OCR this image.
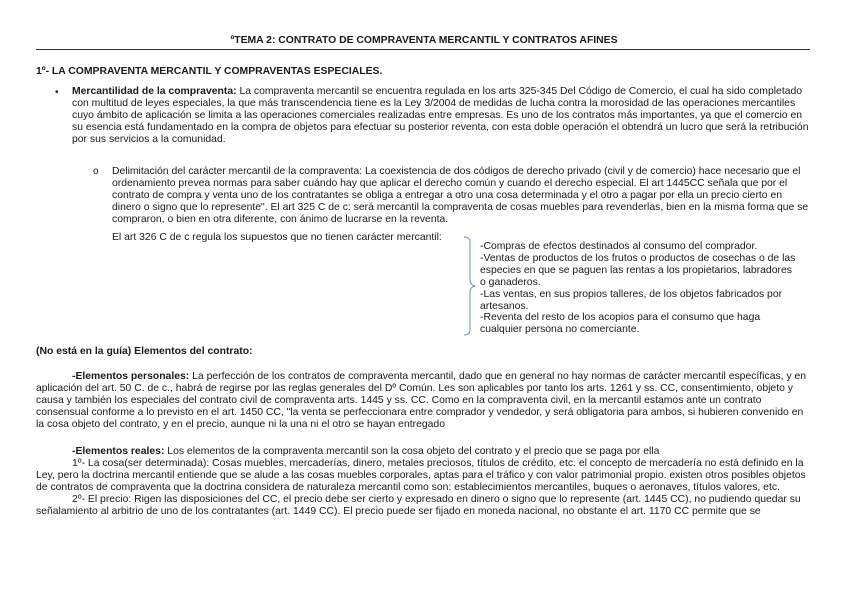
ºTEMA 2: CONTRATO DE COMPRAVENTA MERCANTIL Y CONTRATOS AFINES
1º- LA COMPRAVENTA MERCANTIL Y COMPRAVENTAS ESPECIALES.
• Mercantilidad de la compraventa: La compraventa mercantil se encuentra regulada en los arts 325-345 Del Código de Comercio, el cual ha sido completado con multitud de leyes especiales, la que más transcendencia tiene es la Ley 3/2004 de medidas de lucha contra la morosidad de las operaciones mercantiles cuyo ámbito de aplicación se limita a las operaciones comerciales realizadas entre empresas. Es uno de los contratos más importantes, ya que el comercio en su esencia está fundamentado en la compra de objetos para efectuar su posterior reventa, con esta doble operación el obtendrá un lucro que será la retribución por sus servicios a la comunidad.
o Delimitación del carácter mercantil de la compraventa: La coexistencia de dos códigos de derecho privado (civil y de comercio) hace necesario que el ordenamiento prevea normas para saber cuándo hay que aplicar el derecho común y cuando el derecho especial. El art 1445CC señala que por el contrato de compra y venta uno de los contratantes se obliga a entregar a otro una cosa determinada y el otro a pagar por ella un precio cierto en dinero o signo que lo represente". El art 325 C de c: será mercantil la compraventa de cosas muebles para revenderlas, bien en la misma forma que se compraron, o bien en otra diferente, con ánimo de lucrarse en la reventa.
El art 326 C de c regula los supuestos que no tienen carácter mercantil:

-Compras de efectos destinados al consumo del comprador.

-Ventas de productos de los frutos o productos de cosechas o de las especies en que se paguen las rentas a los propietarios, labradores o ganaderos.

-Las ventas, en sus propios talleres, de los objetos fabricados por artesanos.

-Reventa del resto de los acopios para el consumo que haga cualquier persona no comerciante.

(No está en la guía) Elementos del contrato:
-Elementos personales: La perfección de los contratos de compraventa mercantil, dado que en general no hay normas de carácter mercantil específicas, y en aplicación del art. 50 C. de c., habrá de regirse por las reglas generales del Dº Común. Les son aplicables por tanto los arts. 1261 y ss. CC, consentimiento, objeto y causa y también los especiales del contrato civil de compraventa arts. 1445 y ss. CC. Como en la compraventa civil, en la mercantil estamos ante un contrato consensual conforme a lo previsto en el art. 1450 CC, "la venta se perfeccionara entre comprador y vendedor, y será obligatoria para ambos, si hubieren convenido en la cosa objeto del contrato, y en el precio, aunque ni la una ni el otro se hayan entregado
-Elementos reales: Los elementos de la compraventa mercantil son la cosa objeto del contrato y el precio que se paga por ella
1º- La cosa(ser determinada): Cosas muebles, mercaderías, dinero, metales preciosos, títulos de crédito, etc. el concepto de mercadería no está definido en la Ley, pero la doctrina mercantil entiende que se alude a las cosas muebles corporales, aptas para el tráfico y con valor patrimonial propio. existen otros posibles objetos de contratos de compraventa que la doctrina considera de naturaleza mercantil como son: establecimientos mercantiles, buques o aeronaves, títulos valores, etc.
2º- El precio: Rigen las disposiciones del CC, el precio debe ser cierto y expresado en dinero o signo que lo represente (art. 1445 CC), no pudiendo quedar su señalamiento al arbitrio de uno de los contratantes (art. 1449 CC). El precio puede ser fijado en moneda nacional, no obstante el art. 1170 CC permite que se
